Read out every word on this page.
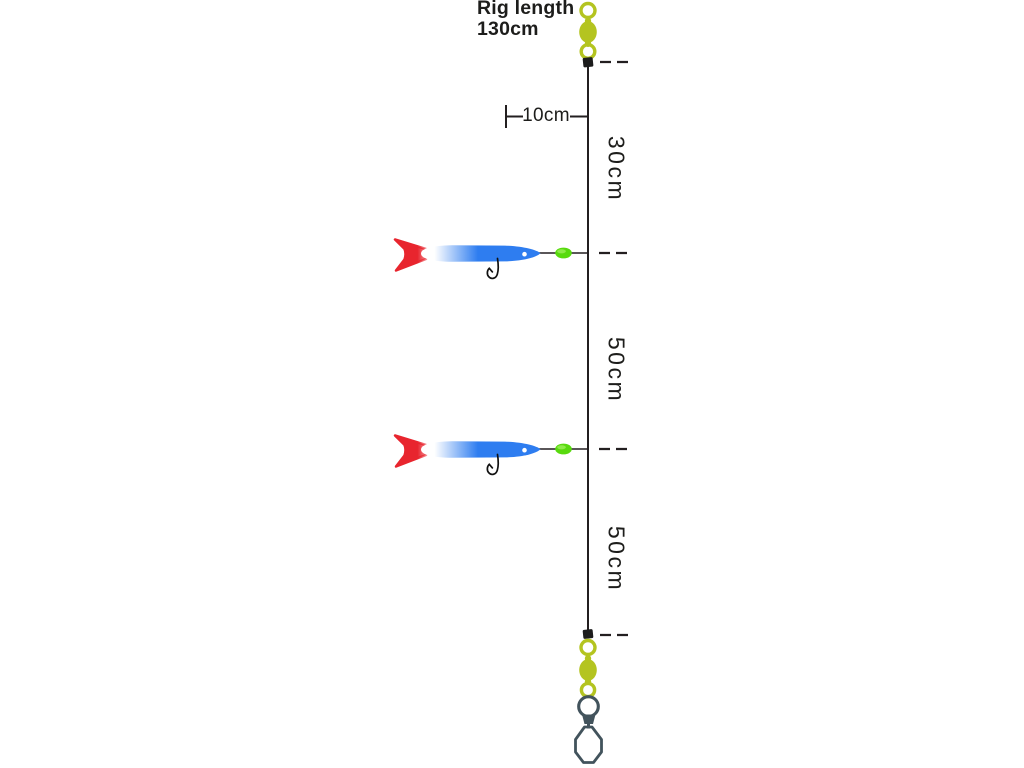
Rig length
130cm
10cm
30cm
50cm
50cm
